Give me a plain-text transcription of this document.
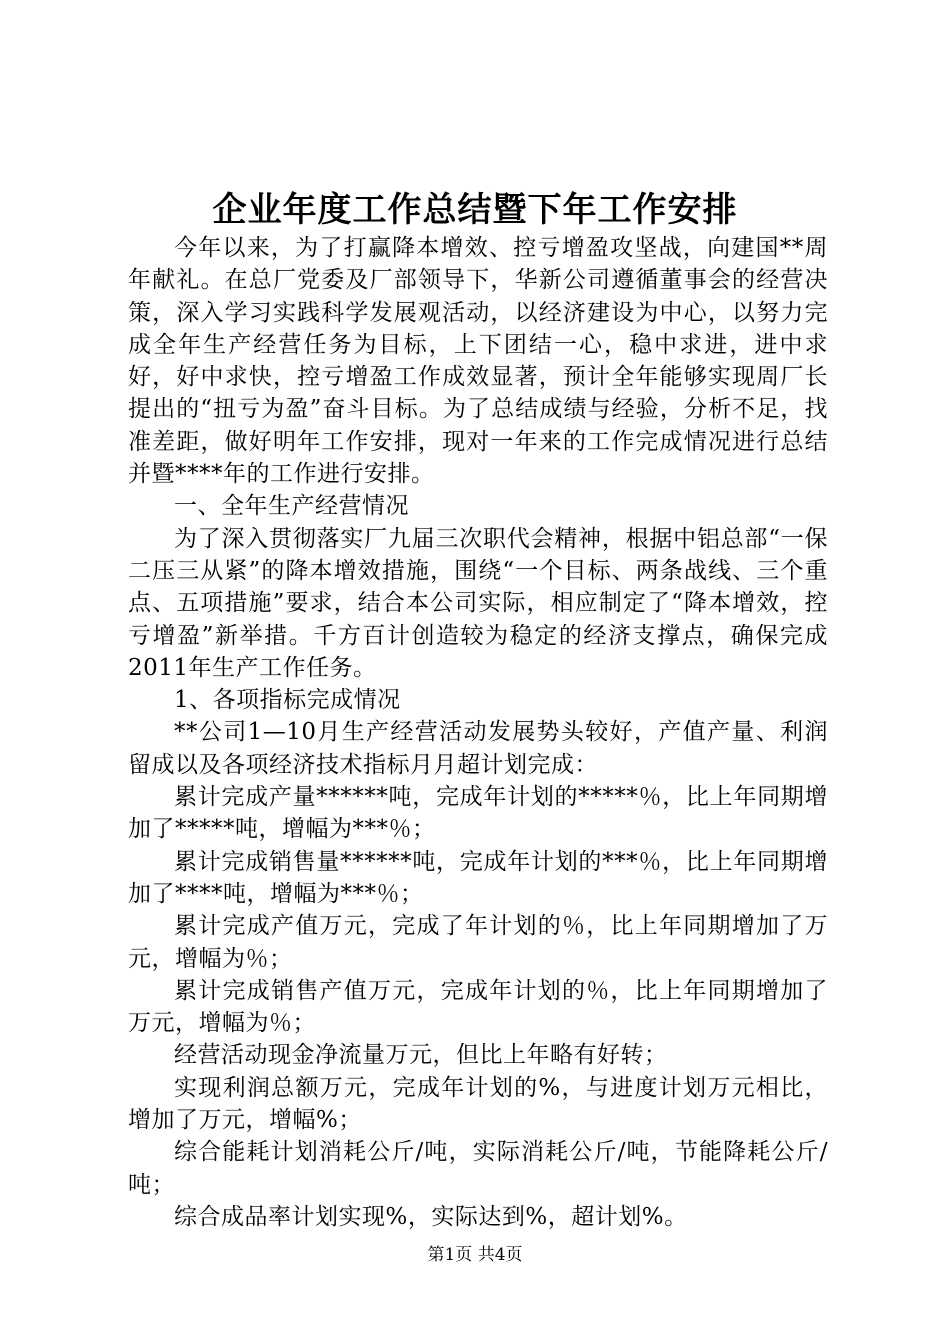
企业年度工作总结暨下年工作安排

今年以来，为了打赢降本增效、控亏增盈攻坚战，向建国**周年献礼。在总厂党委及厂部领导下，华新公司遵循董事会的经营决策，深入学习实践科学发展观活动，以经济建设为中心，以努力完成全年生产经营任务为目标，上下团结一心，稳中求进，进中求好，好中求快，控亏增盈工作成效显著，预计全年能够实现周厂长提出的“扭亏为盈”奋斗目标。为了总结成绩与经验，分析不足，找准差距，做好明年工作安排，现对一年来的工作完成情况进行总结并暨****年的工作进行安排。

一、全年生产经营情况

为了深入贯彻落实厂九届三次职代会精神，根据中铝总部“一保二压三从紧”的降本增效措施，围绕“一个目标、两条战线、三个重点、五项措施”要求，结合本公司实际，相应制定了“降本增效，控亏增盈”新举措。千方百计创造较为稳定的经济支撑点，确保完成2011年生产工作任务。

1、各项指标完成情况

**公司1—10月生产经营活动发展势头较好，产值产量、利润留成以及各项经济技术指标月月超计划完成：

累计完成产量******吨，完成年计划的*****％，比上年同期增加了*****吨，增幅为***％；

累计完成销售量******吨，完成年计划的***％，比上年同期增加了****吨，增幅为***％；

累计完成产值万元，完成了年计划的％，比上年同期增加了万元，增幅为％；

累计完成销售产值万元，完成年计划的％，比上年同期增加了万元，增幅为％；

经营活动现金净流量万元，但比上年略有好转；

实现利润总额万元，完成年计划的%，与进度计划万元相比，增加了万元，增幅%；

综合能耗计划消耗公斤/吨，实际消耗公斤/吨，节能降耗公斤/吨；

综合成品率计划实现%，实际达到%，超计划%。

第1页 共4页
